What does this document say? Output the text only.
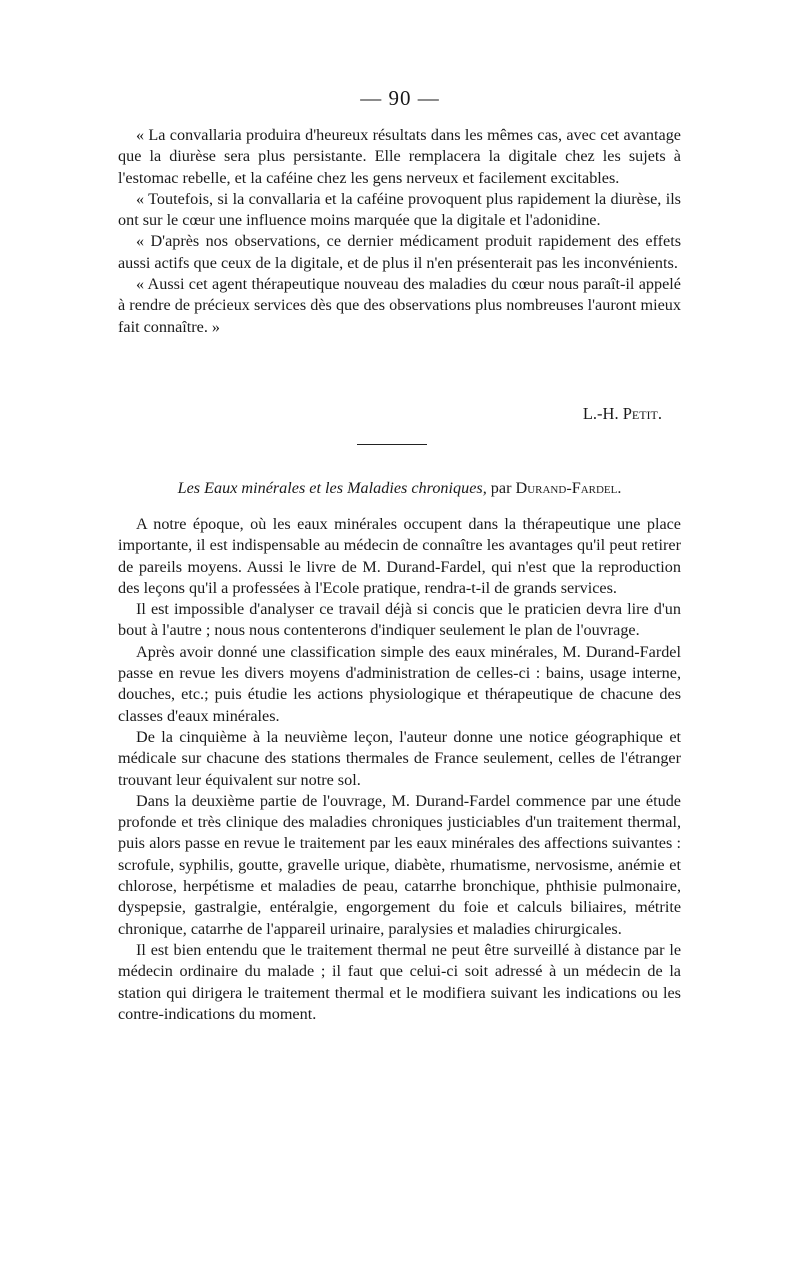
— 90 —

« La convallaria produira d'heureux résultats dans les mêmes cas, avec cet avantage que la diurèse sera plus persistante. Elle remplacera la digitale chez les sujets à l'estomac rebelle, et la caféine chez les gens nerveux et facilement excitables.

« Toutefois, si la convallaria et la caféine provoquent plus rapidement la diurèse, ils ont sur le cœur une influence moins marquée que la digitale et l'adonidine.

« D'après nos observations, ce dernier médicament produit rapidement des effets aussi actifs que ceux de la digitale, et de plus il n'en présenterait pas les inconvénients.

« Aussi cet agent thérapeutique nouveau des maladies du cœur nous paraît-il appelé à rendre de précieux services dès que des observations plus nombreuses l'auront mieux fait connaître. »

L.-H. Petit.
Les Eaux minérales et les Maladies chroniques, par Durand-Fardel.

A notre époque, où les eaux minérales occupent dans la thérapeutique une place importante, il est indispensable au médecin de connaître les avantages qu'il peut retirer de pareils moyens. Aussi le livre de M. Durand-Fardel, qui n'est que la reproduction des leçons qu'il a professées à l'Ecole pratique, rendra-t-il de grands services.

Il est impossible d'analyser ce travail déjà si concis que le praticien devra lire d'un bout à l'autre ; nous nous contenterons d'indiquer seulement le plan de l'ouvrage.

Après avoir donné une classification simple des eaux minérales, M. Durand-Fardel passe en revue les divers moyens d'administration de celles-ci : bains, usage interne, douches, etc.; puis étudie les actions physiologique et thérapeutique de chacune des classes d'eaux minérales.

De la cinquième à la neuvième leçon, l'auteur donne une notice géographique et médicale sur chacune des stations thermales de France seulement, celles de l'étranger trouvant leur équivalent sur notre sol.

Dans la deuxième partie de l'ouvrage, M. Durand-Fardel commence par une étude profonde et très clinique des maladies chroniques justiciables d'un traitement thermal, puis alors passe en revue le traitement par les eaux minérales des affections suivantes : scrofule, syphilis, goutte, gravelle urique, diabète, rhumatisme, nervosisme, anémie et chlorose, herpétisme et maladies de peau, catarrhe bronchique, phthisie pulmonaire, dyspepsie, gastralgie, entéralgie, engorgement du foie et calculs biliaires, métrite chronique, catarrhe de l'appareil urinaire, paralysies et maladies chirurgicales.

Il est bien entendu que le traitement thermal ne peut être surveillé à distance par le médecin ordinaire du malade ; il faut que celui-ci soit adressé à un médecin de la station qui dirigera le traitement thermal et le modifiera suivant les indications ou les contre-indications du moment.
